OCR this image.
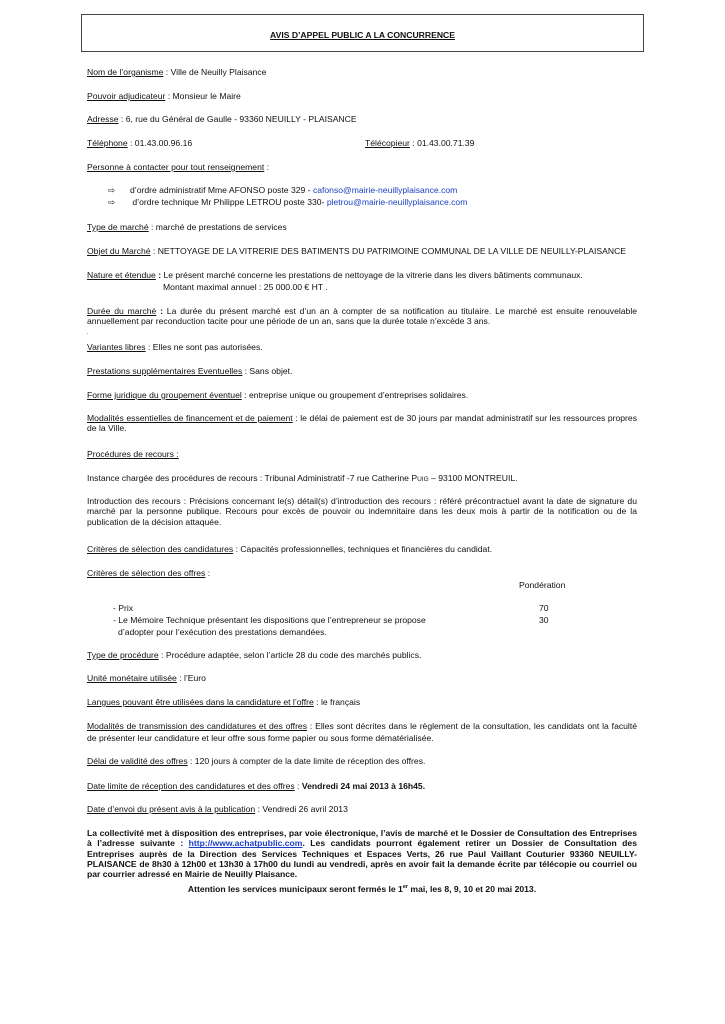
AVIS D’APPEL PUBLIC A LA CONCURRENCE
Nom de l’organisme : Ville de Neuilly Plaisance
Pouvoir adjudicateur : Monsieur le Maire
Adresse : 6, rue du Général de Gaulle - 93360 NEUILLY - PLAISANCE
Téléphone : 01.43.00.96.16	Télécopieur : 01.43.00.71.39
Personne à contacter pour tout renseignement :
⇨ d’ordre administratif Mme AFONSO poste 329 - cafonso@mairie-neuillyplaisance.com
⇨ d’ordre technique Mr Philippe LETROU poste 330- pletrou@mairie-neuillyplaisance.com
Type de marché : marché de prestations de services
Objet du Marché : NETTOYAGE DE LA VITRERIE DES BATIMENTS DU PATRIMOINE COMMUNAL DE LA VILLE DE NEUILLY-PLAISANCE
Nature et étendue : Le présent marché concerne les prestations de nettoyage de la vitrerie dans les divers bâtiments communaux.
Montant maximal annuel : 25 000.00 € HT .
Durée du marché : La durée du présent marché est d’un an à compter de sa notification au titulaire. Le marché est ensuite renouvelable annuellement par reconduction tacite pour une période de un an, sans que la durée totale n’excède 3 ans.
.
Variantes libres : Elles ne sont pas autorisées.
Prestations supplémentaires Eventuelles : Sans objet.
Forme juridique du groupement éventuel : entreprise unique ou groupement d’entreprises solidaires.
Modalités essentielles de financement et de paiement : le délai de paiement est de 30 jours par mandat administratif sur les ressources propres de la Ville.
Procédures de recours :
Instance chargée des procédures de recours : Tribunal Administratif -7 rue Catherine PUIG – 93100 MONTREUIL.
Introduction des recours : Précisions concernant le(s) détail(s) d’introduction des recours : référé précontractuel avant la date de signature du marché par la personne publique. Recours pour excès de pouvoir ou indemnitaire dans les deux mois à partir de la notification ou de la publication de la décision attaquée.
Critères de sélection des candidatures : Capacités professionnelles, techniques et financières du candidat.
Critères de sélection des offres :
Pondération
- Prix	70
- Le Mémoire Technique présentant les dispositions que l’entrepreneur se propose
d’adopter pour l’exécution des prestations demandées.
30
Type de procédure : Procédure adaptée, selon l’article 28 du code des marchés publics.
Unité monétaire utilisée : l’Euro
Langues pouvant être utilisées dans la candidature et l’offre : le français
Modalités de transmission des candidatures et des offres : Elles sont décrites dans le règlement de la consultation, les candidats ont la faculté de présenter leur candidature et leur offre sous forme papier ou sous forme dématérialisée.
Délai de validité des offres : 120 jours à compter de la date limite de réception des offres.
Date limite de réception des candidatures et des offres : Vendredi 24 mai 2013 à 16h45.
Date d’envoi du présent avis à la publication : Vendredi 26 avril 2013
La collectivité met à disposition des entreprises, par voie électronique, l’avis de marché et le Dossier de Consultation des Entreprises à l’adresse suivante : http://www.achatpublic.com. Les candidats pourront également retirer un Dossier de Consultation des Entreprises auprès de la Direction des Services Techniques et Espaces Verts, 26 rue Paul Vaillant Couturier 93360 NEUILLY-PLAISANCE de 8h30 à 12h00 et 13h30 à 17h00 du lundi au vendredi, après en avoir fait la demande écrite par télécopie ou courriel ou par courrier adressé en Mairie de Neuilly Plaisance.
Attention les services municipaux seront fermés le 1er mai, les 8, 9, 10 et 20 mai 2013.
